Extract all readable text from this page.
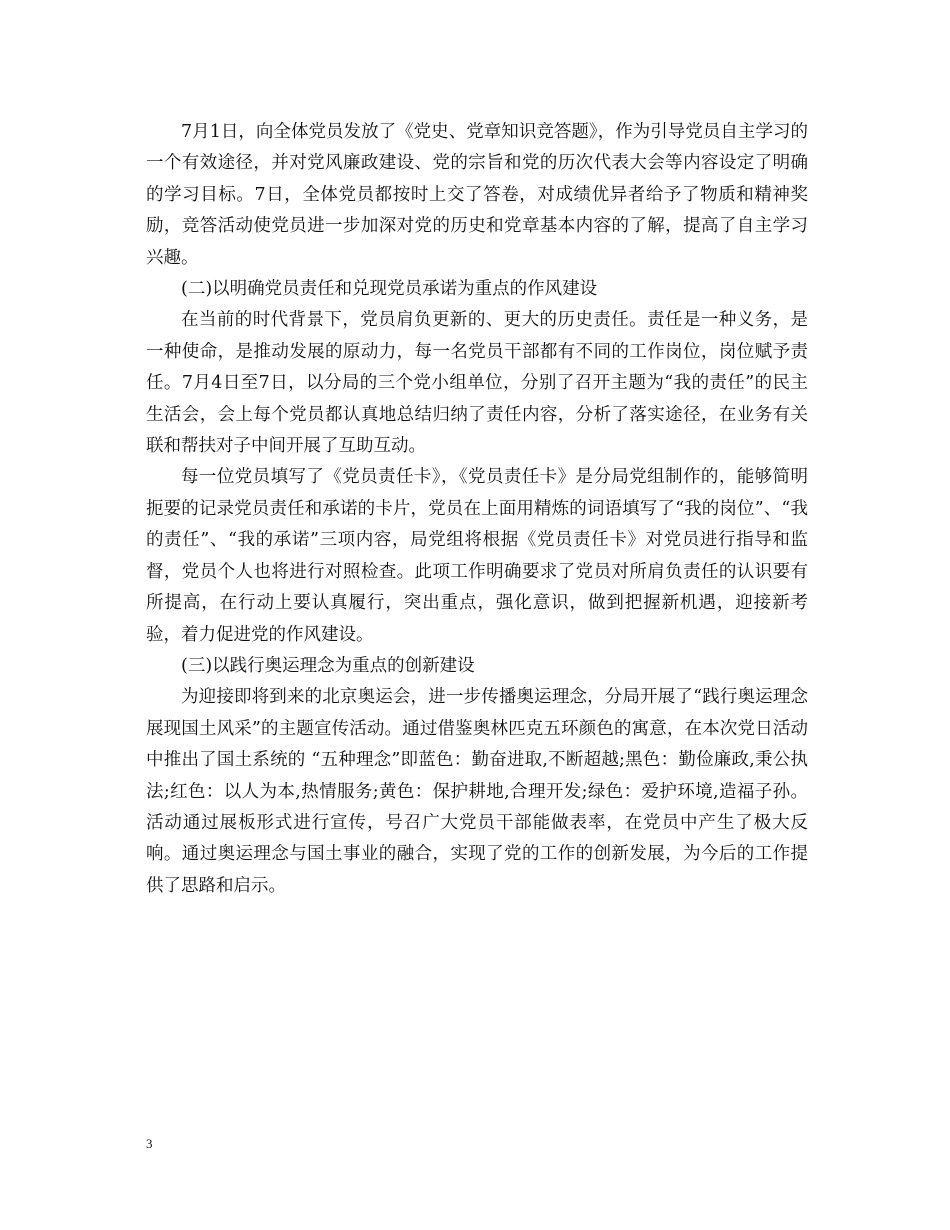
7月1日，向全体党员发放了《党史、党章知识竞答题》，作为引导党员自主学习的一个有效途径，并对党风廉政建设、党的宗旨和党的历次代表大会等内容设定了明确的学习目标。7日，全体党员都按时上交了答卷，对成绩优异者给予了物质和精神奖励，竞答活动使党员进一步加深对党的历史和党章基本内容的了解，提高了自主学习兴趣。

(二)以明确党员责任和兑现党员承诺为重点的作风建设

在当前的时代背景下，党员肩负更新的、更大的历史责任。责任是一种义务，是一种使命，是推动发展的原动力，每一名党员干部都有不同的工作岗位，岗位赋予责任。7月4日至7日，以分局的三个党小组单位，分别了召开主题为“我的责任”的民主生活会，会上每个党员都认真地总结归纳了责任内容，分析了落实途径，在业务有关联和帮扶对子中间开展了互助互动。

每一位党员填写了《党员责任卡》，《党员责任卡》是分局党组制作的，能够简明扼要的记录党员责任和承诺的卡片，党员在上面用精炼的词语填写了“我的岗位”、“我的责任”、“我的承诺”三项内容，局党组将根据《党员责任卡》对党员进行指导和监督，党员个人也将进行对照检查。此项工作明确要求了党员对所肩负责任的认识要有所提高，在行动上要认真履行，突出重点，强化意识，做到把握新机遇，迎接新考验，着力促进党的作风建设。

(三)以践行奥运理念为重点的创新建设

为迎接即将到来的北京奥运会，进一步传播奥运理念，分局开展了“践行奥运理念 展现国土风采”的主题宣传活动。通过借鉴奥林匹克五环颜色的寓意，在本次党日活动中推出了国土系统的 “五种理念”即蓝色：勤奋进取,不断超越;黑色：勤俭廉政,秉公执法;红色：以人为本,热情服务;黄色：保护耕地,合理开发;绿色：爱护环境,造福子孙。活动通过展板形式进行宣传，号召广大党员干部能做表率，在党员中产生了极大反响。通过奥运理念与国土事业的融合，实现了党的工作的创新发展，为今后的工作提供了思路和启示。

3
